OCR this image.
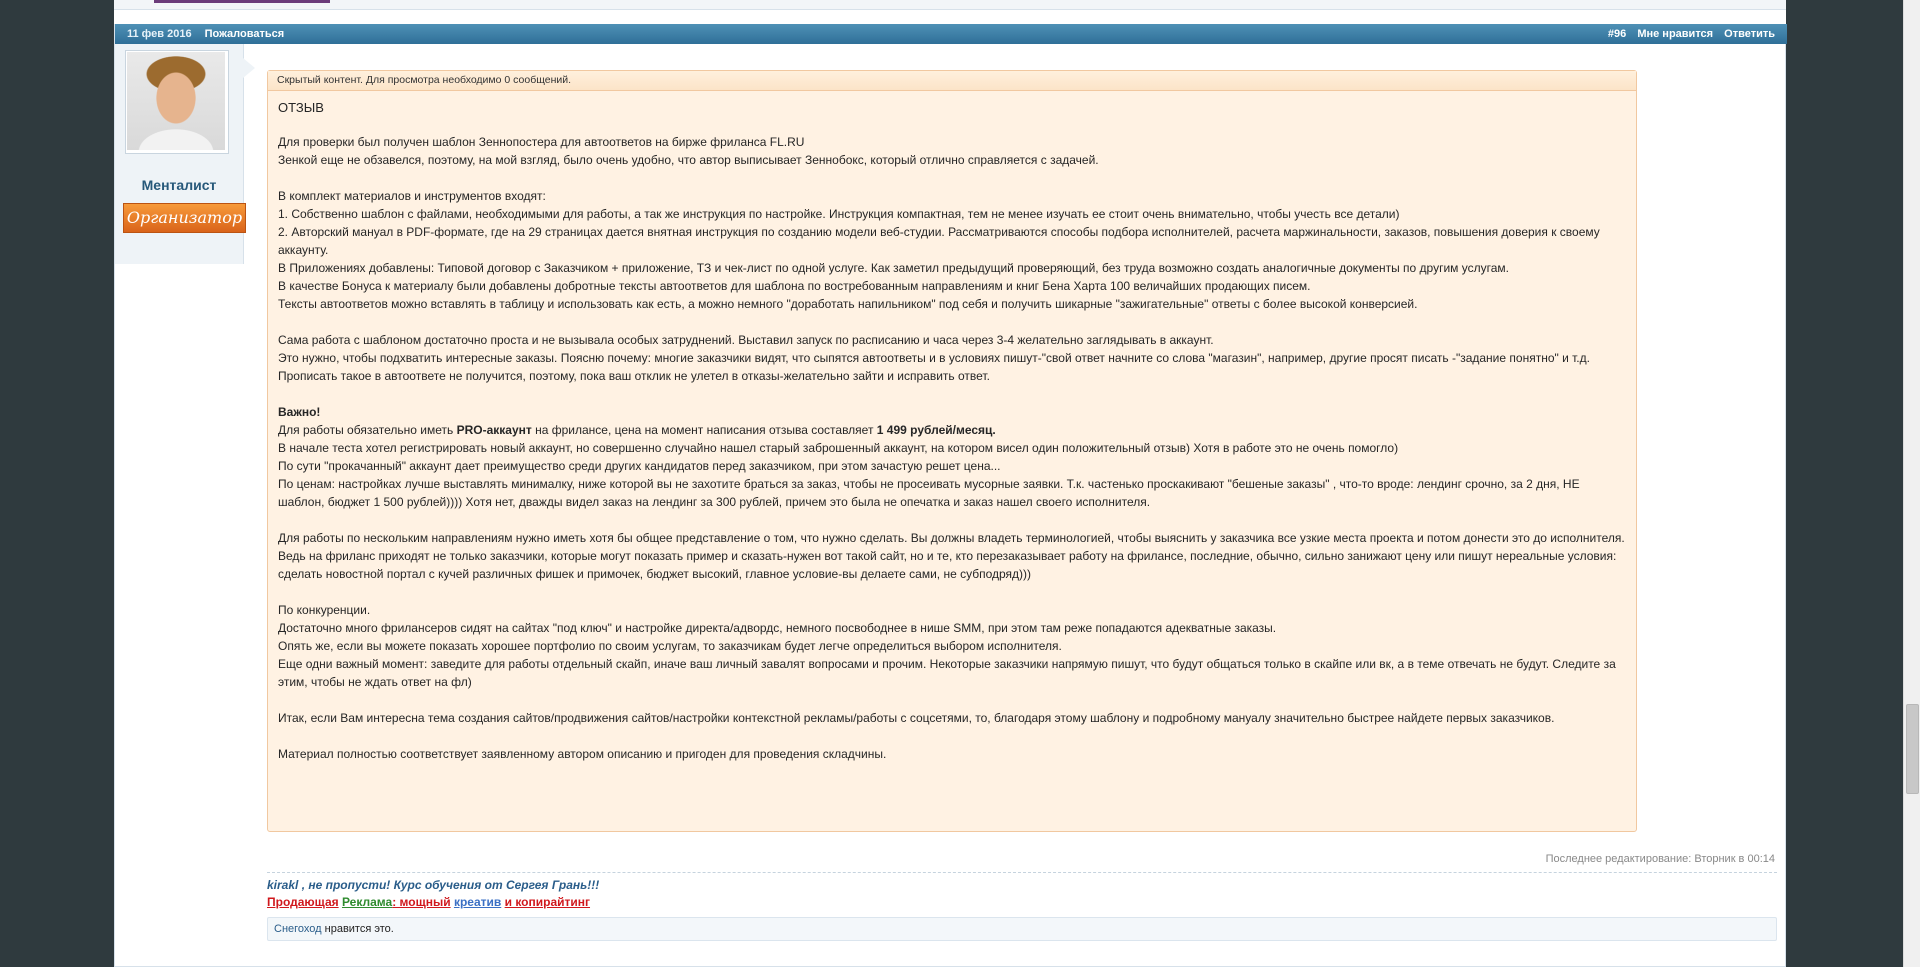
11 фев 2016 Пожаловаться	#96 Мне нравится Ответить
Менталист
Организатор
Скрытый контент. Для просмотра необходимо 0 сообщений.

ОТЗЫВ

Для проверки был получен шаблон Зеннопостера для автоответов на бирже фриланса FL.RU

Зенкой еще не обзавелся, поэтому, на мой взгляд, было очень удобно, что автор выписывает Зеннобокс, который отлично справляется с задачей.

В комплект материалов и инструментов входят:

1. Собственно шаблон с файлами, необходимыми для работы, а так же инструкция по настройке. Инструкция компактная, тем не менее изучать ее стоит очень внимательно, чтобы учесть все детали)

2. Авторский мануал в PDF-формате, где на 29 страницах дается внятная инструкция по созданию модели веб-студии. Рассматриваются способы подбора исполнителей, расчета маржинальности, заказов, повышения доверия к своему аккаунту.

В Приложениях добавлены: Типовой договор с Заказчиком + приложение, ТЗ и чек-лист по одной услуге. Как заметил предыдущий проверяющий, без труда возможно создать аналогичные документы по другим услугам.

В качестве Бонуса к материалу были добавлены добротные тексты автоответов для шаблона по востребованным направлениям и книг Бена Харта 100 величайших продающих писем.

Тексты автоответов можно вставлять в таблицу и использовать как есть, а можно немного "доработать напильником" под себя и получить шикарные "зажигательные" ответы с более высокой конверсией.

Сама работа с шаблоном достаточно проста и не вызывала особых затруднений. Выставил запуск по расписанию и часа через 3-4 желательно заглядывать в аккаунт.

Это нужно, чтобы подхватить интересные заказы. Поясню почему: многие заказчики видят, что сыпятся автоответы и в условиях пишут-"свой ответ начните со слова "магазин", например, другие просят писать -"задание понятно" и т.д. Прописать такое в автоответе не получится, поэтому, пока ваш отклик не улетел в отказы-желательно зайти и исправить ответ.

Важно!

Для работы обязательно иметь PRO-аккаунт на фрилансе, цена на момент написания отзыва составляет 1 499 рублей/месяц.

В начале теста хотел регистрировать новый аккаунт, но совершенно случайно нашел старый заброшенный аккаунт, на котором висел один положительный отзыв) Хотя в работе это не очень помогло)

По сути "прокачанный" аккаунт дает преимущество среди других кандидатов перед заказчиком, при этом зачастую решет цена...

По ценам: настройках лучше выставлять минималку, ниже которой вы не захотите браться за заказ, чтобы не просеивать мусорные заявки. Т.к. частенько проскакивают "бешеные заказы" , что-то вроде: лендинг срочно, за 2 дня, НЕ шаблон, бюджет 1 500 рублей)))) Хотя нет, дважды видел заказ на лендинг за 300 рублей, причем это была не опечатка и заказ нашел своего исполнителя.

Для работы по нескольким направлениям нужно иметь хотя бы общее представление о том, что нужно сделать. Вы должны владеть терминологией, чтобы выяснить у заказчика все узкие места проекта и потом донести это до исполнителя. Ведь на фриланс приходят не только заказчики, которые могут показать пример и сказать-нужен вот такой сайт, но и те, кто перезаказывает работу на фрилансе, последние, обычно, сильно занижают цену или пишут нереальные условия: сделать новостной портал с кучей различных фишек и примочек, бюджет высокий, главное условие-вы делаете сами, не субподряд)))

По конкуренции.

Достаточно много фрилансеров сидят на сайтах "под ключ" и настройке директа/адвордс, немного посвободнее в нише SMM, при этом там реже попадаются адекватные заказы.

Опять же, если вы можете показать хорошее портфолио по своим услугам, то заказчикам будет легче определиться выбором исполнителя.

Еще одни важный момент: заведите для работы отдельный скайп, иначе ваш личный завалят вопросами и прочим. Некоторые заказчики напрямую пишут, что будут общаться только в скайпе или вк, а в теме отвечать не будут. Следите за этим, чтобы не ждать ответ на фл)

Итак, если Вам интересна тема создания сайтов/продвижения сайтов/настройки контекстной рекламы/работы с соцсетями, то, благодаря этому шаблону и подробному мануалу значительно быстрее найдете первых заказчиков.

Материал полностью соответствует заявленному автором описанию и пригоден для проведения складчины.

Последнее редактирование: Вторник в 00:14
kirakl , не пропусти! Курс обучения от Сергея Грань!!!
Продающая Реклама: мощный креатив и копирайтинг
Снегоход нравится это.
